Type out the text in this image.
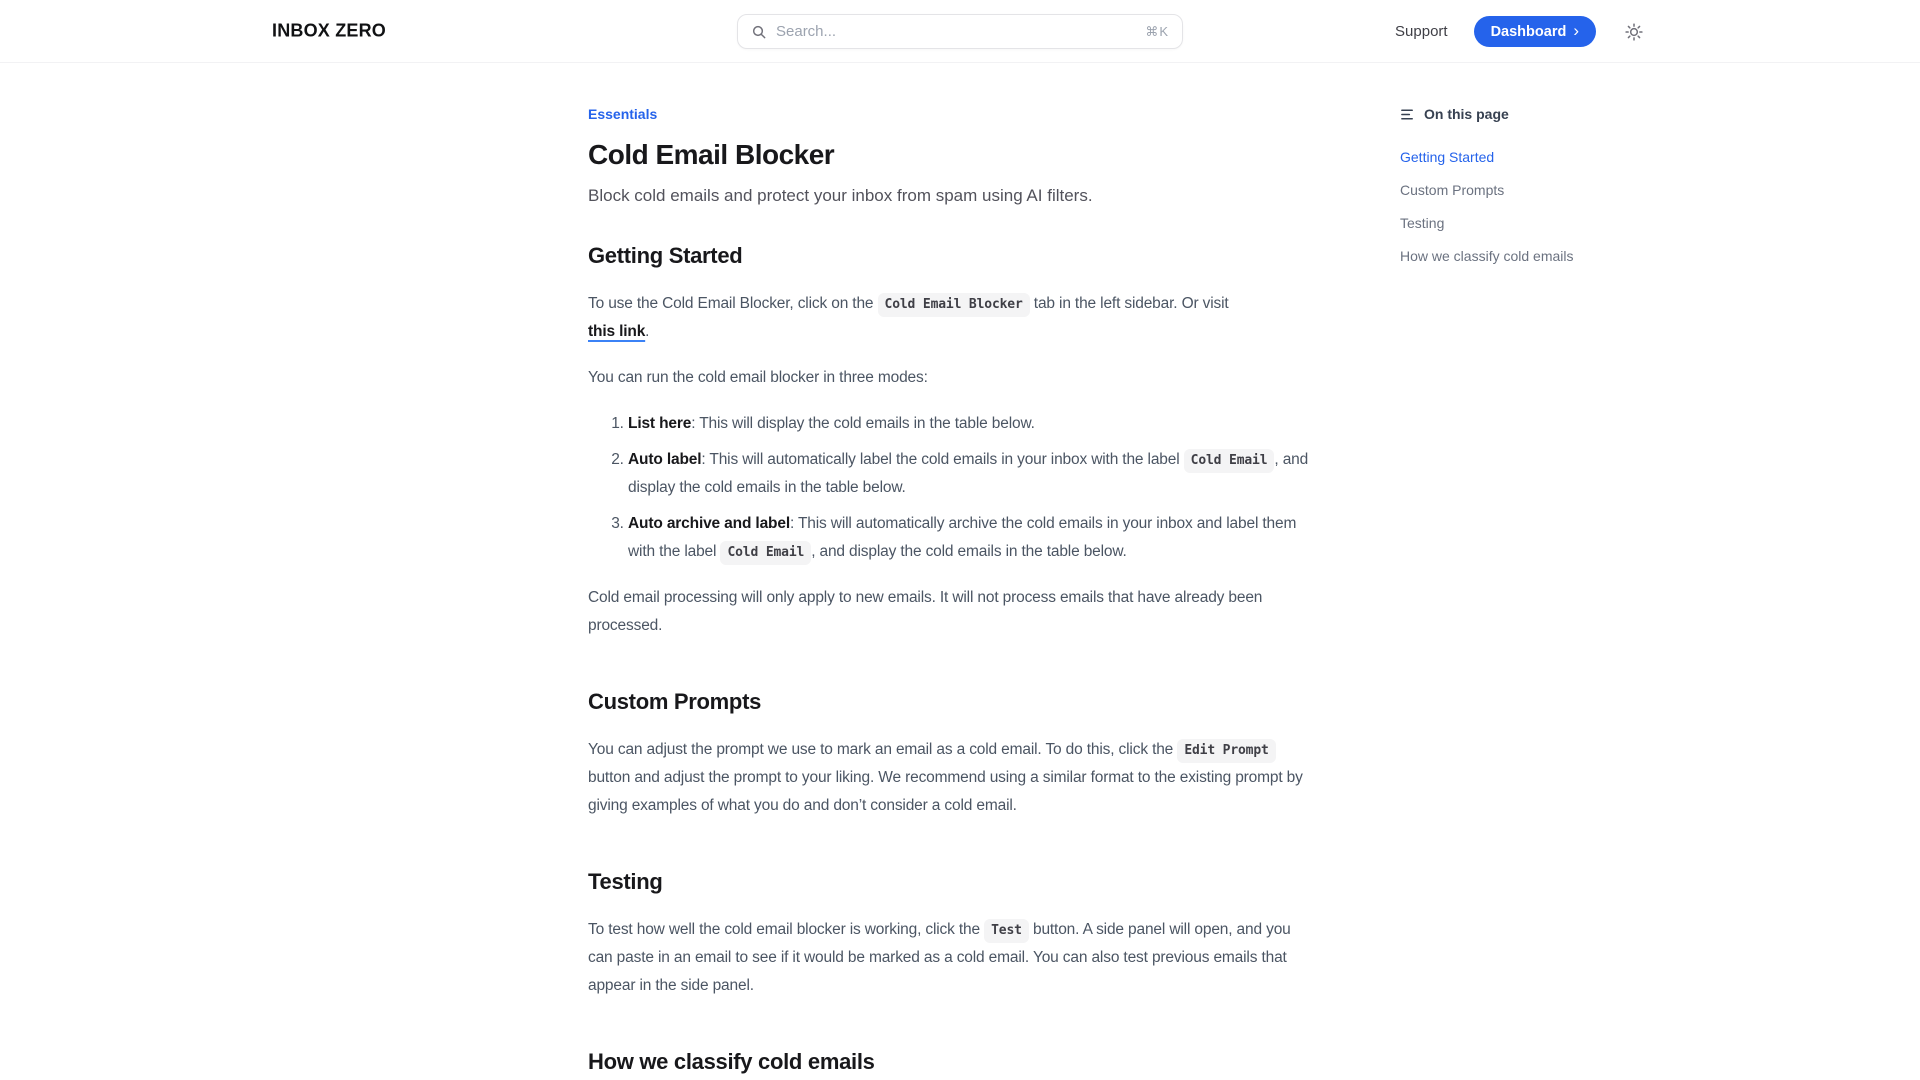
INBOX ZERO
Search...	⌘K	Support	Dashboard ›
Essentials
Cold Email Blocker

Block cold emails and protect your inbox from spam using AI filters.

Getting Started

To use the Cold Email Blocker, click on the Cold Email Blocker tab in the left sidebar. Or visit
this link.

You can run the cold email blocker in three modes:

1. List here: This will display the cold emails in the table below.
2. Auto label: This will automatically label the cold emails in your inbox with the label Cold Email , and display the cold emails in the table below.
3. Auto archive and label: This will automatically archive the cold emails in your inbox and label them with the label Cold Email , and display the cold emails in the table below.

Cold email processing will only apply to new emails. It will not process emails that have already been processed.

Custom Prompts

You can adjust the prompt we use to mark an email as a cold email. To do this, click the Edit Prompt button and adjust the prompt to your liking. We recommend using a similar format to the existing prompt by giving examples of what you do and don’t consider a cold email.

Testing

To test how well the cold email blocker is working, click the Test button. A side panel will open, and you can paste in an email to see if it would be marked as a cold email. You can also test previous emails that appear in the side panel.

How we classify cold emails
On this page
Getting Started
Custom Prompts
Testing
How we classify cold emails
